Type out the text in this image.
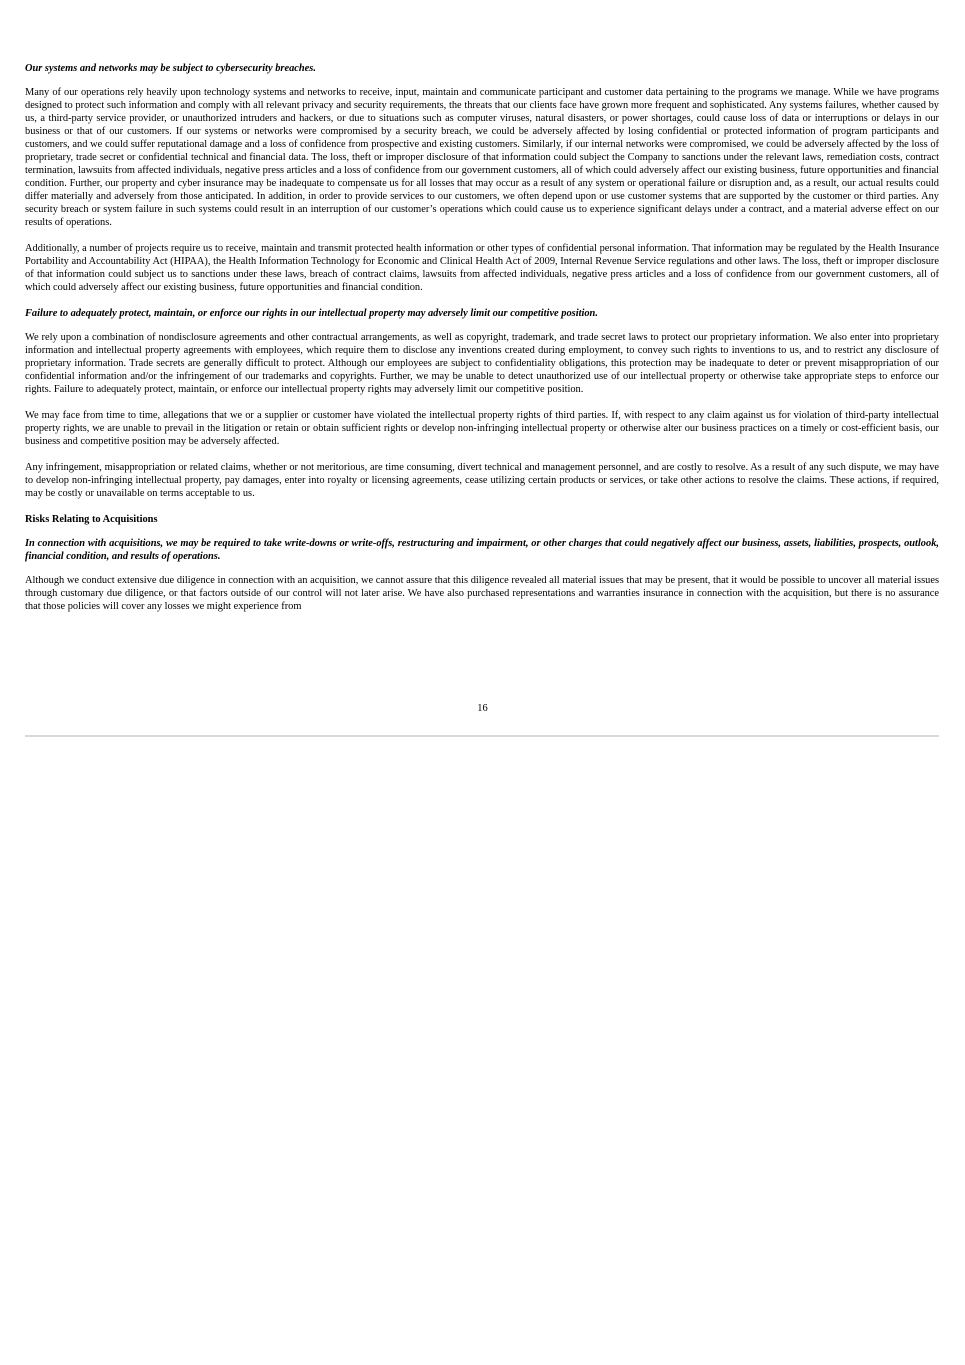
Our systems and networks may be subject to cybersecurity breaches.

Many of our operations rely heavily upon technology systems and networks to receive, input, maintain and communicate participant and customer data pertaining to the programs we manage. While we have programs designed to protect such information and comply with all relevant privacy and security requirements, the threats that our clients face have grown more frequent and sophisticated. Any systems failures, whether caused by us, a third-party service provider, or unauthorized intruders and hackers, or due to situations such as computer viruses, natural disasters, or power shortages, could cause loss of data or interruptions or delays in our business or that of our customers. If our systems or networks were compromised by a security breach, we could be adversely affected by losing confidential or protected information of program participants and customers, and we could suffer reputational damage and a loss of confidence from prospective and existing customers. Similarly, if our internal networks were compromised, we could be adversely affected by the loss of proprietary, trade secret or confidential technical and financial data. The loss, theft or improper disclosure of that information could subject the Company to sanctions under the relevant laws, remediation costs, contract termination, lawsuits from affected individuals, negative press articles and a loss of confidence from our government customers, all of which could adversely affect our existing business, future opportunities and financial condition. Further, our property and cyber insurance may be inadequate to compensate us for all losses that may occur as a result of any system or operational failure or disruption and, as a result, our actual results could differ materially and adversely from those anticipated. In addition, in order to provide services to our customers, we often depend upon or use customer systems that are supported by the customer or third parties. Any security breach or system failure in such systems could result in an interruption of our customer’s operations which could cause us to experience significant delays under a contract, and a material adverse effect on our results of operations.

Additionally, a number of projects require us to receive, maintain and transmit protected health information or other types of confidential personal information. That information may be regulated by the Health Insurance Portability and Accountability Act (HIPAA), the Health Information Technology for Economic and Clinical Health Act of 2009, Internal Revenue Service regulations and other laws. The loss, theft or improper disclosure of that information could subject us to sanctions under these laws, breach of contract claims, lawsuits from affected individuals, negative press articles and a loss of confidence from our government customers, all of which could adversely affect our existing business, future opportunities and financial condition.

Failure to adequately protect, maintain, or enforce our rights in our intellectual property may adversely limit our competitive position.

We rely upon a combination of nondisclosure agreements and other contractual arrangements, as well as copyright, trademark, and trade secret laws to protect our proprietary information. We also enter into proprietary information and intellectual property agreements with employees, which require them to disclose any inventions created during employment, to convey such rights to inventions to us, and to restrict any disclosure of proprietary information. Trade secrets are generally difficult to protect. Although our employees are subject to confidentiality obligations, this protection may be inadequate to deter or prevent misappropriation of our confidential information and/or the infringement of our trademarks and copyrights. Further, we may be unable to detect unauthorized use of our intellectual property or otherwise take appropriate steps to enforce our rights. Failure to adequately protect, maintain, or enforce our intellectual property rights may adversely limit our competitive position.

We may face from time to time, allegations that we or a supplier or customer have violated the intellectual property rights of third parties. If, with respect to any claim against us for violation of third-party intellectual property rights, we are unable to prevail in the litigation or retain or obtain sufficient rights or develop non-infringing intellectual property or otherwise alter our business practices on a timely or cost-efficient basis, our business and competitive position may be adversely affected.

Any infringement, misappropriation or related claims, whether or not meritorious, are time consuming, divert technical and management personnel, and are costly to resolve. As a result of any such dispute, we may have to develop non-infringing intellectual property, pay damages, enter into royalty or licensing agreements, cease utilizing certain products or services, or take other actions to resolve the claims. These actions, if required, may be costly or unavailable on terms acceptable to us.

Risks Relating to Acquisitions

In connection with acquisitions, we may be required to take write-downs or write-offs, restructuring and impairment, or other charges that could negatively affect our business, assets, liabilities, prospects, outlook, financial condition, and results of operations.

Although we conduct extensive due diligence in connection with an acquisition, we cannot assure that this diligence revealed all material issues that may be present, that it would be possible to uncover all material issues through customary due diligence, or that factors outside of our control will not later arise. We have also purchased representations and warranties insurance in connection with the acquisition, but there is no assurance that those policies will cover any losses we might experience from

16
